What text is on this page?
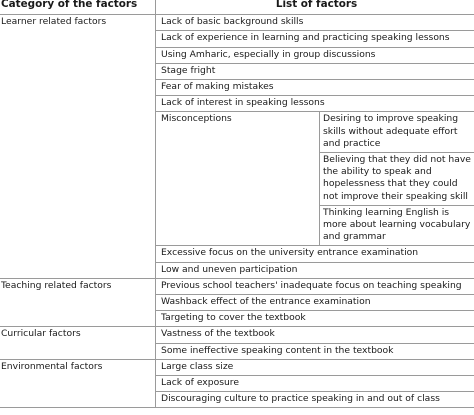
Category of the factors	List of factors	
Learner related factors	Lack of basic background skills	
	Lack of experience in learning and practicing speaking lessons	
	Using Amharic, especially in group discussions	
	Stage fright	
	Fear of making mistakes	
	Lack of interest in speaking lessons	
	Misconceptions	Desiring to improve speaking skills without adequate effort and practice
		Believing that they did not have the ability to speak and hopelessness that they could not improve their speaking skill
		Thinking learning English is more about learning vocabulary and grammar
	Excessive focus on the university entrance examination	
	Low and uneven participation	
Teaching related factors	Previous school teachers' inadequate focus on teaching speaking	
	Washback effect of the entrance examination	
	Targeting to cover the textbook	
Curricular factors	Vastness of the textbook	
	Some ineffective speaking content in the textbook	
Environmental factors	Large class size	
	Lack of exposure	
	Discouraging culture to practice speaking in and out of class	
